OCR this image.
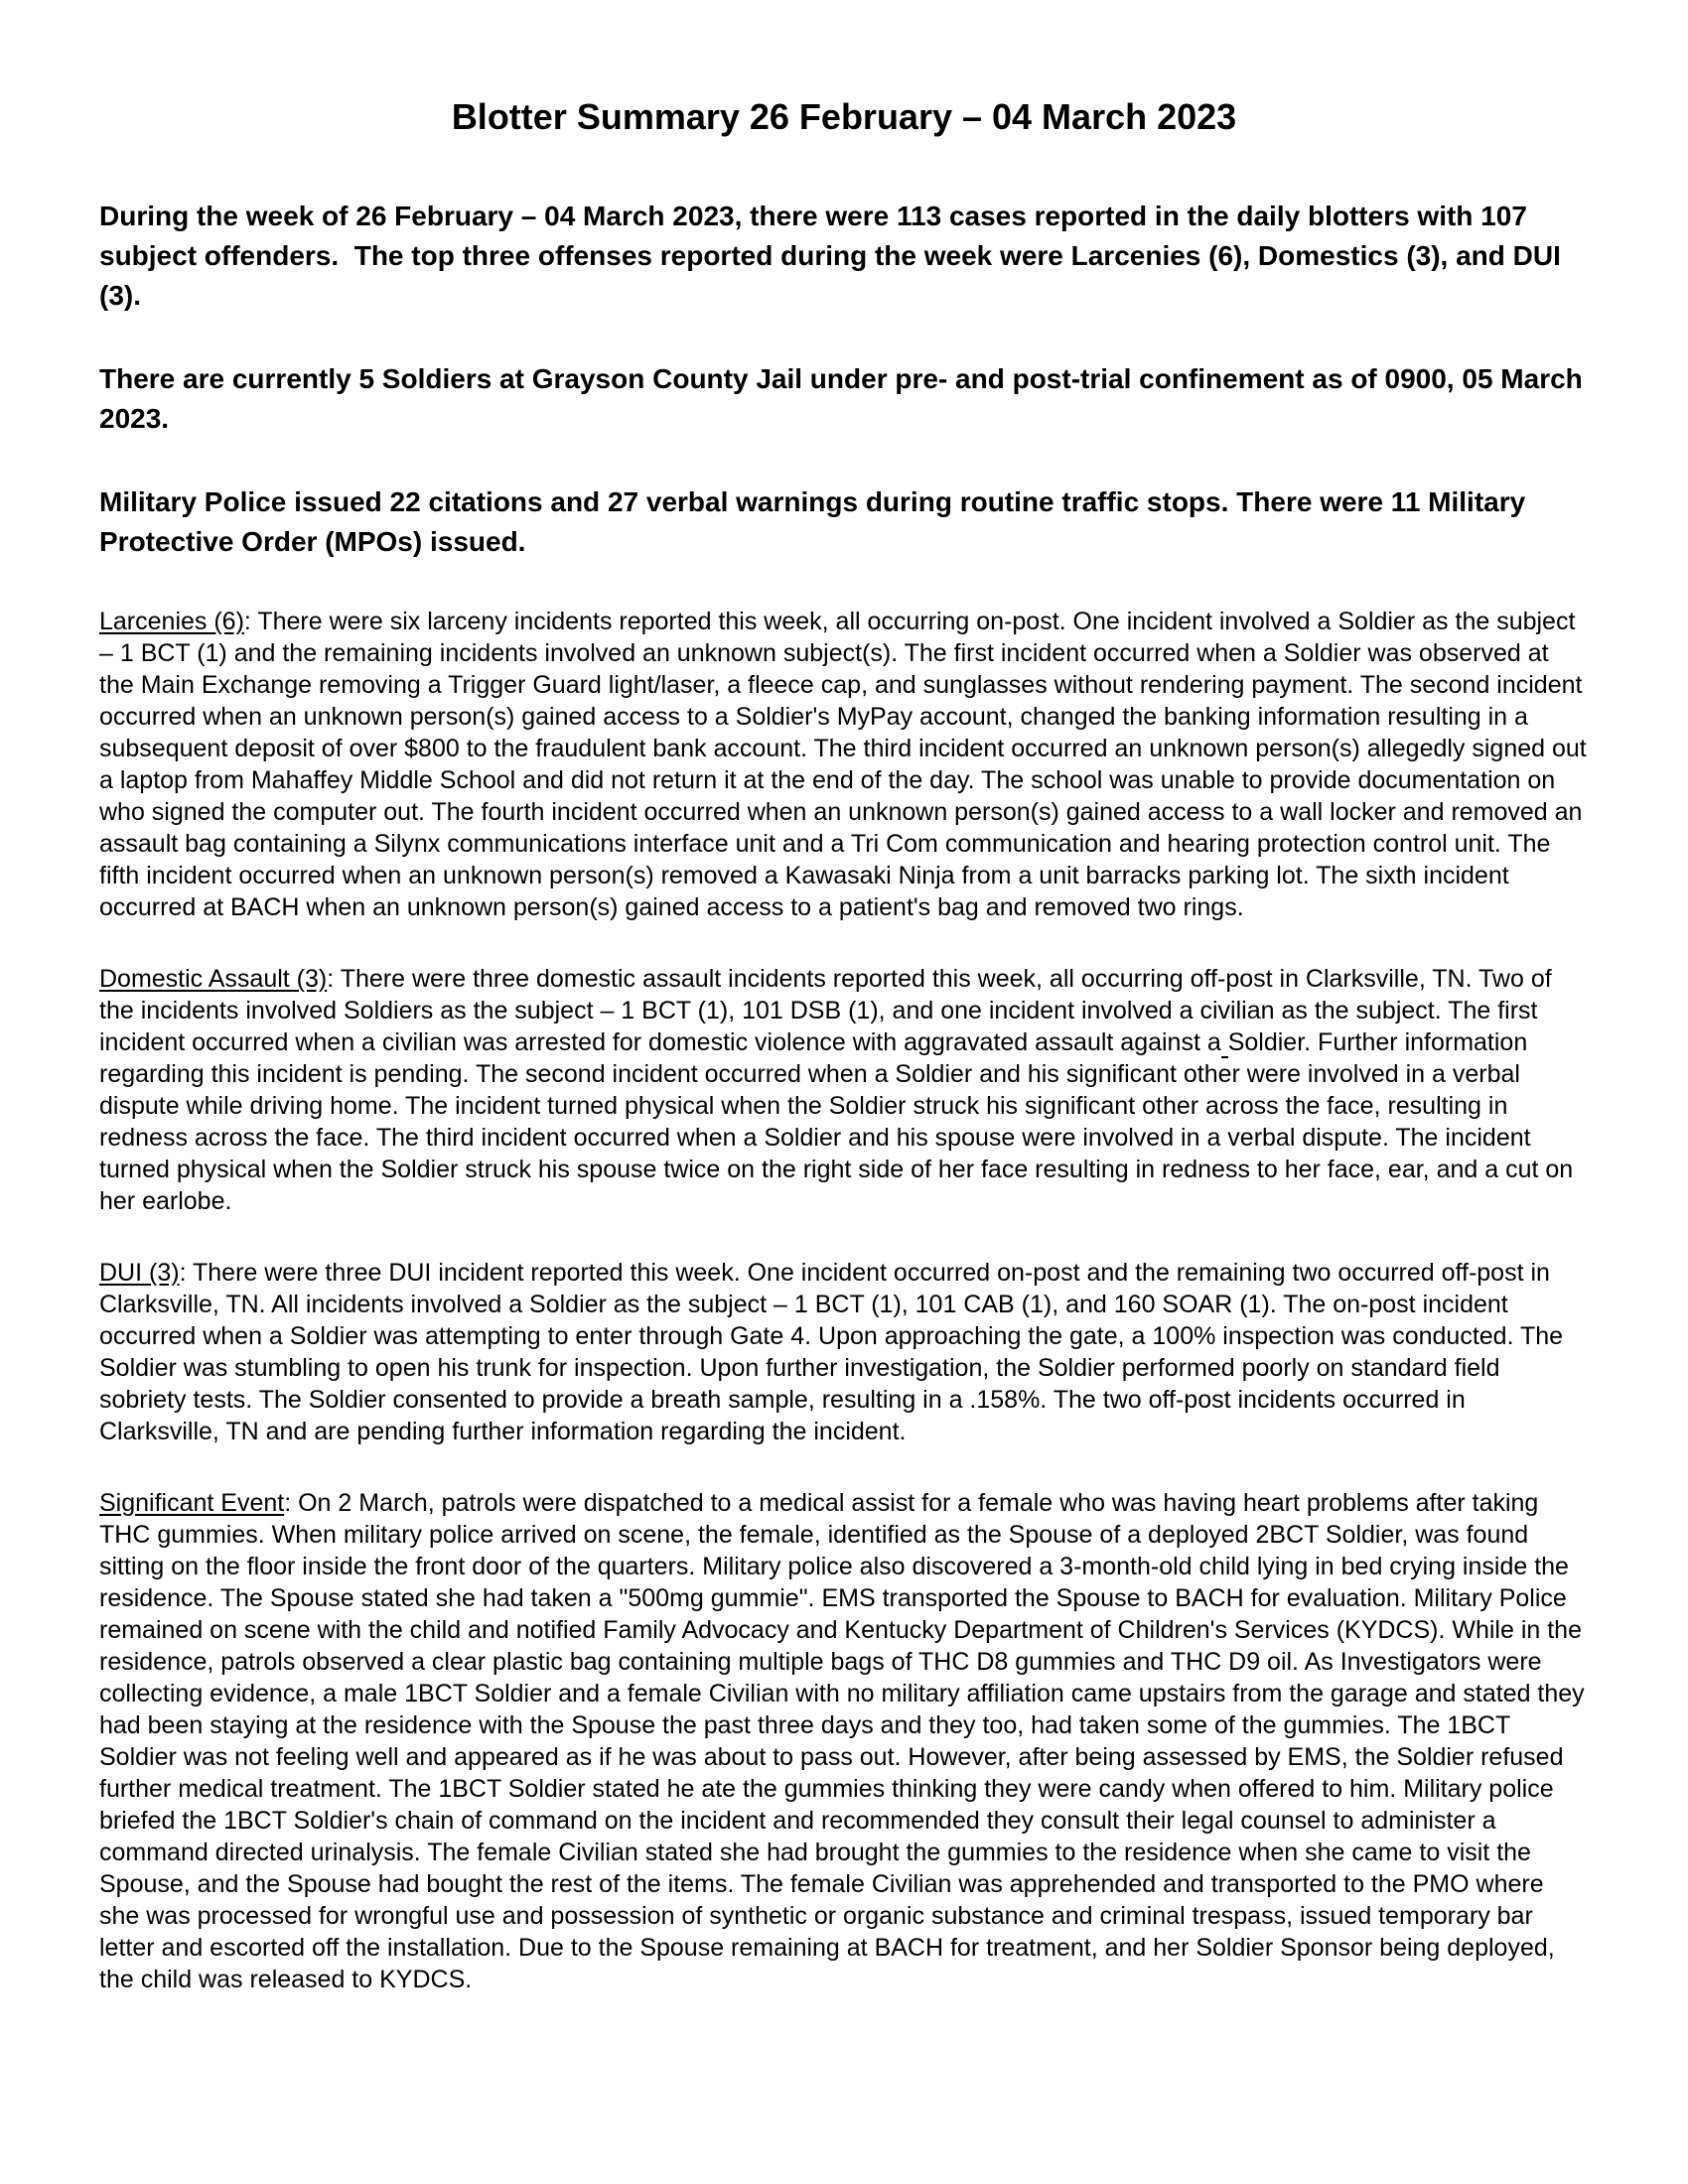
Blotter Summary 26 February – 04 March 2023

During the week of 26 February – 04 March 2023, there were 113 cases reported in the daily blotters with 107 subject offenders.  The top three offenses reported during the week were Larcenies (6), Domestics (3), and DUI (3).

There are currently 5 Soldiers at Grayson County Jail under pre- and post-trial confinement as of 0900, 05 March 2023.

Military Police issued 22 citations and 27 verbal warnings during routine traffic stops. There were 11 Military Protective Order (MPOs) issued.

Larcenies (6): There were six larceny incidents reported this week, all occurring on-post. One incident involved a Soldier as the subject – 1 BCT (1) and the remaining incidents involved an unknown subject(s). The first incident occurred when a Soldier was observed at the Main Exchange removing a Trigger Guard light/laser, a fleece cap, and sunglasses without rendering payment. The second incident occurred when an unknown person(s) gained access to a Soldier's MyPay account, changed the banking information resulting in a subsequent deposit of over $800 to the fraudulent bank account. The third incident occurred an unknown person(s) allegedly signed out a laptop from Mahaffey Middle School and did not return it at the end of the day. The school was unable to provide documentation on who signed the computer out. The fourth incident occurred when an unknown person(s) gained access to a wall locker and removed an assault bag containing a Silynx communications interface unit and a Tri Com communication and hearing protection control unit. The fifth incident occurred when an unknown person(s) removed a Kawasaki Ninja from a unit barracks parking lot. The sixth incident occurred at BACH when an unknown person(s) gained access to a patient's bag and removed two rings.

Domestic Assault (3): There were three domestic assault incidents reported this week, all occurring off-post in Clarksville, TN. Two of the incidents involved Soldiers as the subject – 1 BCT (1), 101 DSB (1), and one incident involved a civilian as the subject. The first incident occurred when a civilian was arrested for domestic violence with aggravated assault against a Soldier. Further information regarding this incident is pending. The second incident occurred when a Soldier and his significant other were involved in a verbal dispute while driving home. The incident turned physical when the Soldier struck his significant other across the face, resulting in redness across the face. The third incident occurred when a Soldier and his spouse were involved in a verbal dispute. The incident turned physical when the Soldier struck his spouse twice on the right side of her face resulting in redness to her face, ear, and a cut on her earlobe.

DUI (3): There were three DUI incident reported this week. One incident occurred on-post and the remaining two occurred off-post in Clarksville, TN. All incidents involved a Soldier as the subject – 1 BCT (1), 101 CAB (1), and 160 SOAR (1). The on-post incident occurred when a Soldier was attempting to enter through Gate 4. Upon approaching the gate, a 100% inspection was conducted. The Soldier was stumbling to open his trunk for inspection. Upon further investigation, the Soldier performed poorly on standard field sobriety tests. The Soldier consented to provide a breath sample, resulting in a .158%. The two off-post incidents occurred in Clarksville, TN and are pending further information regarding the incident.

Significant Event: On 2 March, patrols were dispatched to a medical assist for a female who was having heart problems after taking THC gummies. When military police arrived on scene, the female, identified as the Spouse of a deployed 2BCT Soldier, was found sitting on the floor inside the front door of the quarters. Military police also discovered a 3-month-old child lying in bed crying inside the residence. The Spouse stated she had taken a "500mg gummie". EMS transported the Spouse to BACH for evaluation. Military Police remained on scene with the child and notified Family Advocacy and Kentucky Department of Children's Services (KYDCS). While in the residence, patrols observed a clear plastic bag containing multiple bags of THC D8 gummies and THC D9 oil. As Investigators were collecting evidence, a male 1BCT Soldier and a female Civilian with no military affiliation came upstairs from the garage and stated they had been staying at the residence with the Spouse the past three days and they too, had taken some of the gummies. The 1BCT Soldier was not feeling well and appeared as if he was about to pass out. However, after being assessed by EMS, the Soldier refused further medical treatment. The 1BCT Soldier stated he ate the gummies thinking they were candy when offered to him. Military police briefed the 1BCT Soldier's chain of command on the incident and recommended they consult their legal counsel to administer a command directed urinalysis. The female Civilian stated she had brought the gummies to the residence when she came to visit the Spouse, and the Spouse had bought the rest of the items. The female Civilian was apprehended and transported to the PMO where she was processed for wrongful use and possession of synthetic or organic substance and criminal trespass, issued temporary bar letter and escorted off the installation. Due to the Spouse remaining at BACH for treatment, and her Soldier Sponsor being deployed, the child was released to KYDCS.
